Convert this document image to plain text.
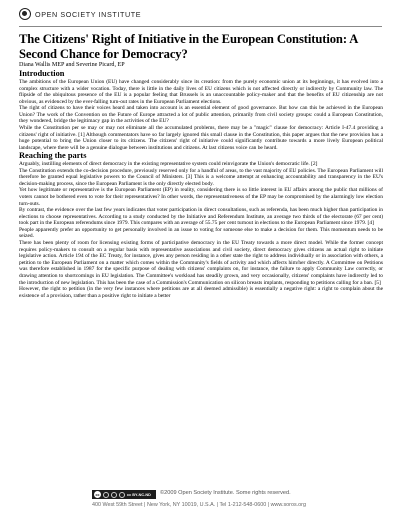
OPEN SOCIETY INSTITUTE
The Citizens' Right of Initiative in the European Constitution: A Second Chance for Democracy?
Diana Wallis MEP and Severine Picard, EP
Introduction

The ambitions of the European Union (EU) have changed considerably since its creation: from the purely economic union at its beginnings, it has evolved into a complex structure with a wider vocation. Today, there is little in the daily lives of EU citizens which is not affected directly or indirectly by Community law. The flipside of the ubiquitous presence of the EU is a popular feeling that Brussels is an unaccountable policy-maker and that the benefits of EU citizenship are not obvious, as evidenced by the ever-falling turn-out rates in the European Parliament elections.

The right of citizens to have their voices heard and taken into account is an essential element of good governance. But how can this be achieved in the European Union? The work of the Convention on the Future of Europe attracted a lot of public attention, primarily from civil society groups: could a European Constitution, they wondered, bridge the legitimacy gap in the activities of the EU?

While the Constitution per se may or may not eliminate all the accumulated problems, there may be a "magic" clause for democracy: Article I-47.4 providing a citizens' right of initiative. [1] Although commentators have so far largely ignored this small clause in the Constitution, this paper argues that the new provision has a huge potential to bring the Union closer to its citizens. The citizens' right of initiative could significantly contribute towards a more lively European political landscape, where there will be a genuine dialogue between institutions and citizens. At last citizens voice can be heard.

Reaching the parts

Arguably, instilling elements of direct democracy in the existing representative system could reinvigorate the Union's democratic life. [2]

The Constitution extends the co-decision procedure, previously reserved only for a handful of areas, to the vast majority of EU policies. The European Parliament will therefore be granted equal legislative powers to the Council of Ministers. [3] This is a welcome attempt at enhancing accountability and transparency in the EU's decision-making process, since the European Parliament is the only directly elected body.

Yet how legitimate or representative is the European Parliament (EP) in reality, considering there is so little interest in EU affairs among the public that millions of voters cannot be bothered even to vote for their representatives? In other words, the representativeness of the EP may be compromised by the alarmingly low election turn-outs.

By contrast, the evidence over the last few years indicates that voter participation in direct consultations, such as referenda, has been much higher than participation in elections to choose representatives. According to a study conducted by the Initiative and Referendum Institute, an average two thirds of the electorate (67 per cent) took part in the European referendums since 1979. This compares with an average of 55.75 per cent turnout in elections to the European Parliament since 1979. [4]

People apparently prefer an opportunity to get personally involved in an issue to voting for someone else to make a decision for them. This momentum needs to be seized.

There has been plenty of room for licensing existing forms of participative democracy in the EU Treaty towards a more direct model. While the former concept requires policy-makers to consult on a regular basis with representative associations and civil society, direct democracy gives citizens an actual right to initiate legislative action. Article 194 of the EC Treaty, for instance, gives any person residing in a other state the right to address individually or in association with others, a petition to the European Parliament on a matter which comes within the Community's fields of activity and which affects him/her directly. A Committee on Petitions was therefore established in 1987 for the specific purpose of dealing with citizens' complaints on, for instance, the failure to apply Community Law correctly, or drawing attention to shortcomings in EU legislation. The Committee's workload has steadily grown, and very occasionally, citizens' complaints have indirectly led to the introduction of new legislation. This has been the case of a Commission's Communication on silicon breasts implants, responding to petitions calling for a ban. [5]

However, the right to petition (in the very few instances where petitions are at all deemed admissible) is essentially a negative right: a right to complain about the existence of a provision, rather than a positive right to initiate a better

cc	cc BY-NC-ND ©2009 Open Society Institute. Some rights reserved.
400 West 59th Street | New York, NY 10019, U.S.A. | Tel 1-212-548-0600 | www.soros.org
